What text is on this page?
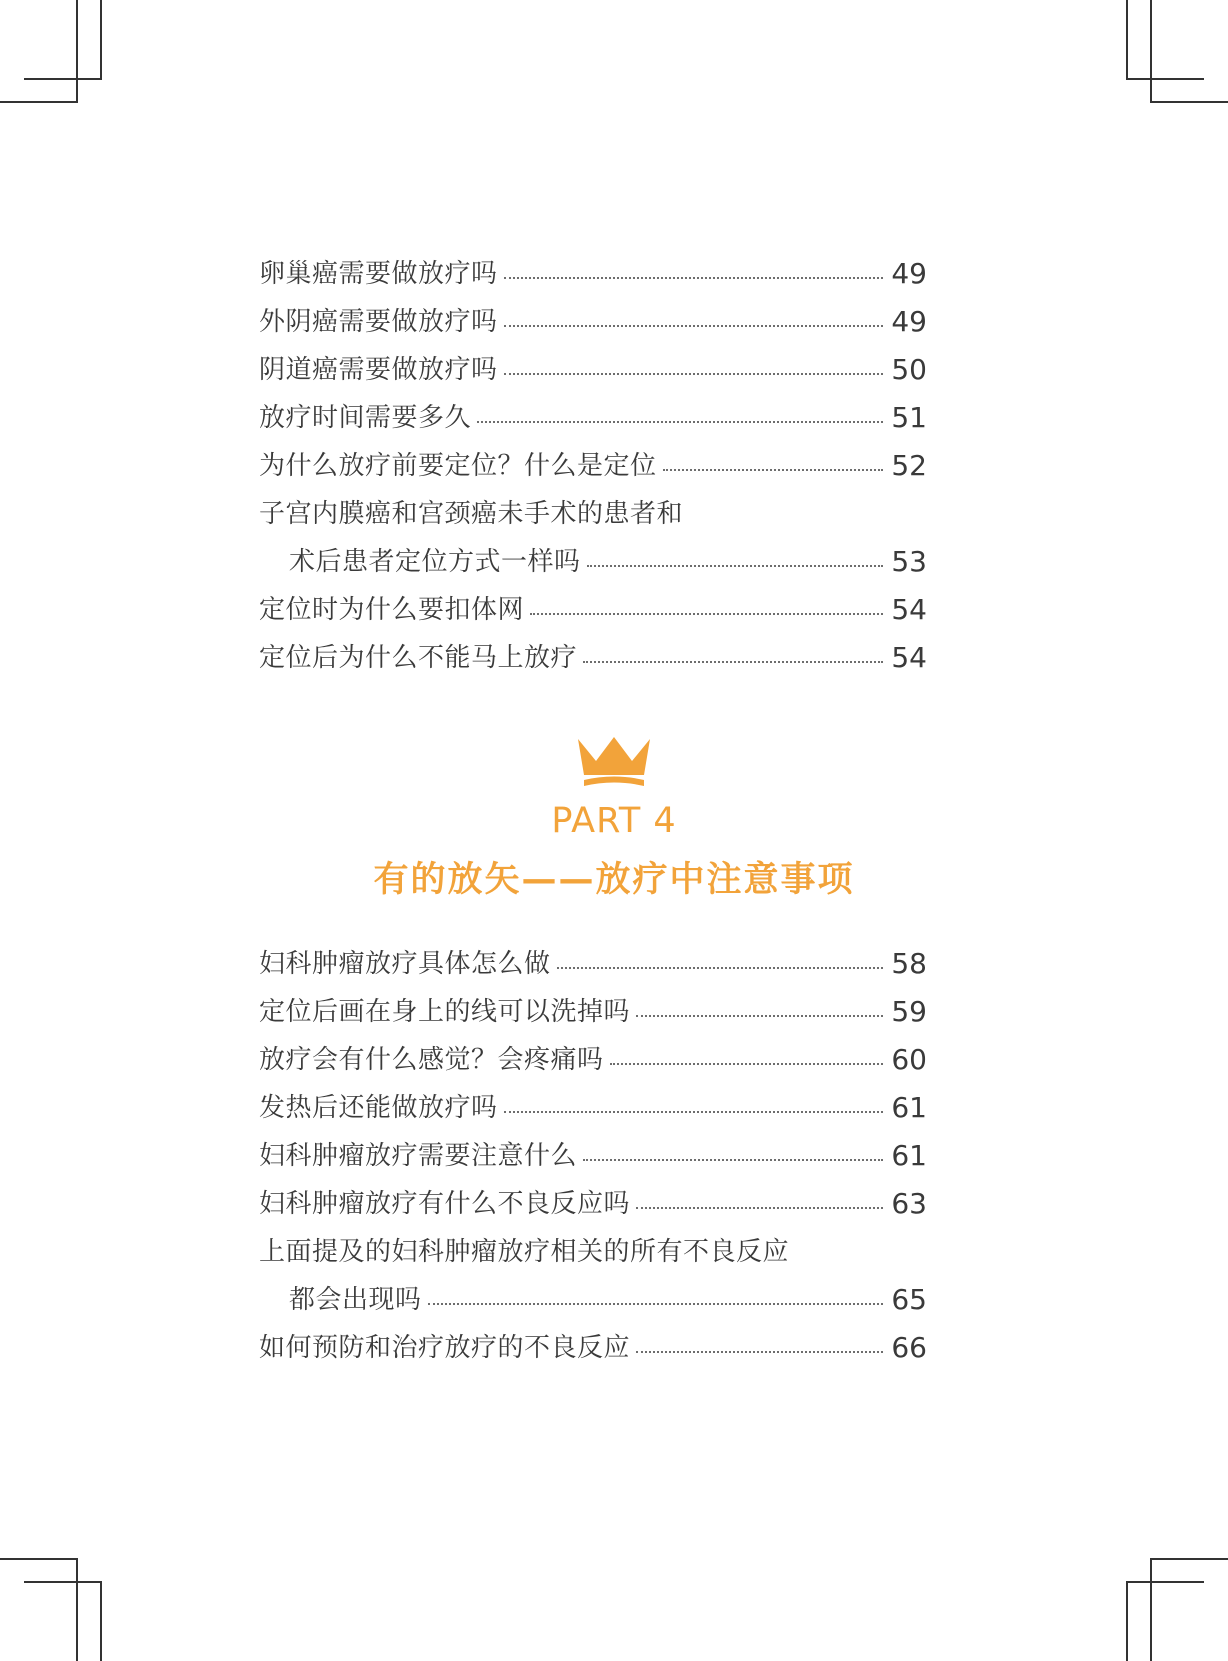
卵巢癌需要做放疗吗	49
外阴癌需要做放疗吗	49
阴道癌需要做放疗吗	50
放疗时间需要多久	51
为什么放疗前要定位？什么是定位	52
子宫内膜癌和宫颈癌未手术的患者和
术后患者定位方式一样吗	53
定位时为什么要扣体网	54
定位后为什么不能马上放疗	54
PART 4
有的放矢——放疗中注意事项
妇科肿瘤放疗具体怎么做	58
定位后画在身上的线可以洗掉吗	59
放疗会有什么感觉？会疼痛吗	60
发热后还能做放疗吗	61
妇科肿瘤放疗需要注意什么	61
妇科肿瘤放疗有什么不良反应吗	63
上面提及的妇科肿瘤放疗相关的所有不良反应
都会出现吗	65
如何预防和治疗放疗的不良反应	66
